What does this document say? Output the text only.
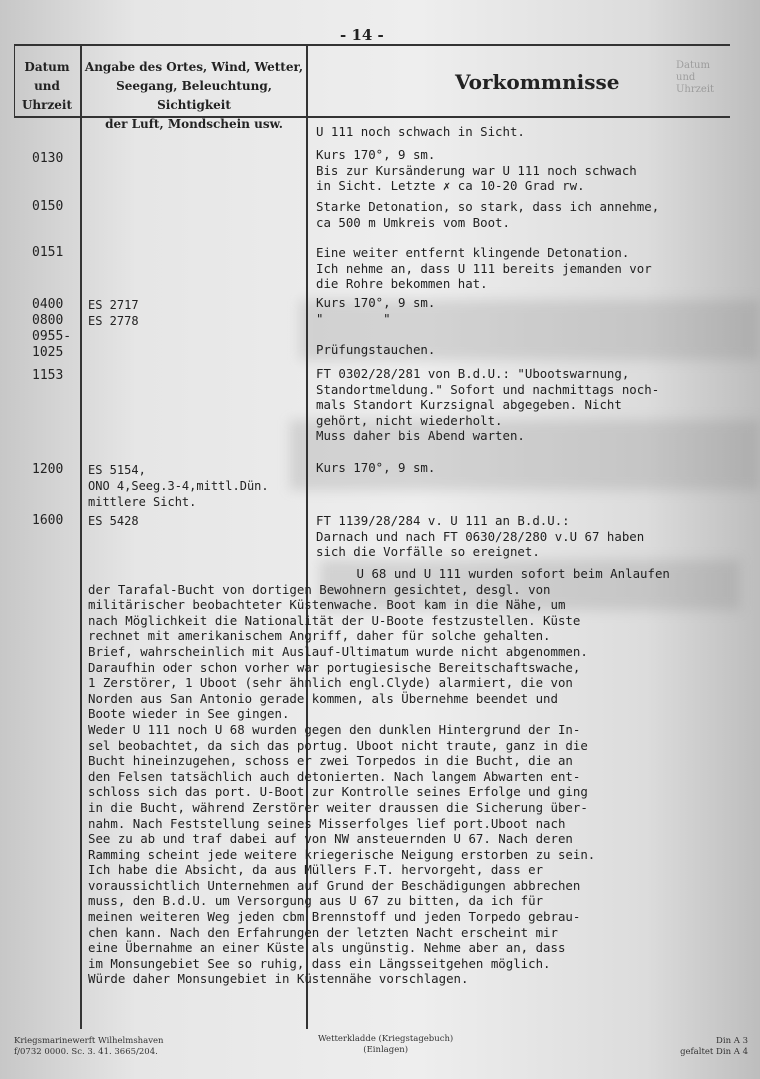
- 14 -
Datum
und
Uhrzeit
Angabe des Ortes, Wind, Wetter,
Seegang, Beleuchtung, Sichtigkeit
der Luft, Mondschein usw.
Vorkommnisse
Datum
und
Uhrzeit
0130
0150
0151
0400
0800
0955-
1025
1153
1200
1600
ES 2717
ES 2778
ES 5154,
ONO 4,Seeg.3-4,mittl.Dün.
mittlere Sicht.
ES 5428
U 111 noch schwach in Sicht.
Kurs 170°, 9 sm.
Bis zur Kursänderung war U 111 noch schwach
in Sicht. Letzte ✗ ca 10-20 Grad rw.
Starke Detonation, so stark, dass ich annehme,
ca 500 m Umkreis vom Boot.
Eine weiter entfernt klingende Detonation.
Ich nehme an, dass U 111 bereits jemanden vor
die Rohre bekommen hat.
Kurs 170°, 9 sm.
"        "

Prüfungstauchen.
FT 0302/28/281 von B.d.U.: "Ubootswarnung,
Standortmeldung." Sofort und nachmittags noch-
mals Standort Kurzsignal abgegeben. Nicht
gehört, nicht wiederholt.
Muss daher bis Abend warten.
Kurs 170°, 9 sm.
FT 1139/28/284 v. U 111 an B.d.U.:
Darnach und nach FT 0630/28/280 v.U 67 haben
sich die Vorfälle so ereignet.
U 68 und U 111 wurden sofort beim Anlaufen
der Tarafal-Bucht von dortigen Bewohnern gesichtet, desgl. von
militärischer beobachteter Küstenwache. Boot kam in die Nähe, um
nach Möglichkeit die Nationalität der U-Boote festzustellen. Küste
rechnet mit amerikanischem Angriff, daher für solche gehalten.
Brief, wahrscheinlich mit Auslauf-Ultimatum wurde nicht abgenommen.
Daraufhin oder schon vorher war portugiesische Bereitschaftswache,
1 Zerstörer, 1 Uboot (sehr ähnlich engl.Clyde) alarmiert, die von
Norden aus San Antonio gerade kommen, als Übernehme beendet und
Boote wieder in See gingen.
Weder U 111 noch U 68 wurden gegen den dunklen Hintergrund der In-
sel beobachtet, da sich das portug. Uboot nicht traute, ganz in die
Bucht hineinzugehen, schoss er zwei Torpedos in die Bucht, die an
den Felsen tatsächlich auch detonierten. Nach langem Abwarten ent-
schloss sich das port. U-Boot zur Kontrolle seines Erfolge und ging
in die Bucht, während Zerstörer weiter draussen die Sicherung über-
nahm. Nach Feststellung seines Misserfolges lief port.Uboot nach
See zu ab und traf dabei auf von NW ansteuernden U 67. Nach deren
Ramming scheint jede weitere kriegerische Neigung erstorben zu sein.
Ich habe die Absicht, da aus Müllers F.T. hervorgeht, dass er
voraussichtlich Unternehmen auf Grund der Beschädigungen abbrechen
muss, den B.d.U. um Versorgung aus U 67 zu bitten, da ich für
meinen weiteren Weg jeden cbm Brennstoff und jeden Torpedo gebrau-
chen kann. Nach den Erfahrungen der letzten Nacht erscheint mir
eine Übernahme an einer Küste als ungünstig. Nehme aber an, dass
im Monsungebiet See so ruhig, dass ein Längsseitgehen möglich.
Würde daher Monsungebiet in Küstennähe vorschlagen.
Kriegsmarinewerft Wilhelmshaven
f/0732 0000. Sc. 3. 41. 3665/204.
Wetterkladde (Kriegstagebuch)
(Einlagen)
Din A 3
gefaltet Din A 4
